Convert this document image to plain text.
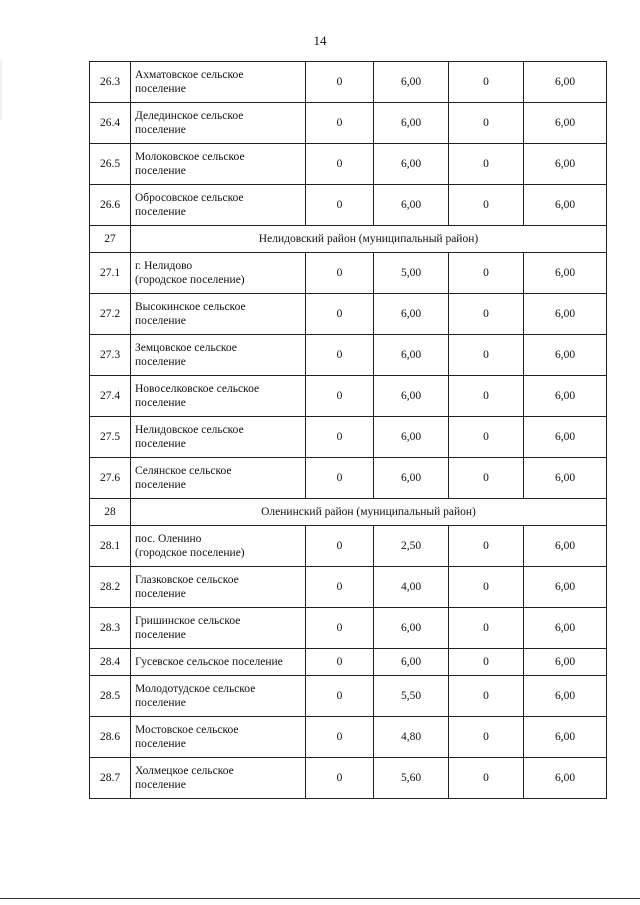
14
26.3	Ахматовское сельское
поселение	0	6,00	0	6,00
26.4	Делединское сельское
поселение	0	6,00	0	6,00
26.5	Молоковское сельское
поселение	0	6,00	0	6,00
26.6	Обросовское сельское
поселение	0	6,00	0	6,00
27	Нелидовский район (муниципальный район)				
27.1	г. Нелидово
(городское поселение)	0	5,00	0	6,00
27.2	Высокинское сельское
поселение	0	6,00	0	6,00
27.3	Земцовское сельское
поселение	0	6,00	0	6,00
27.4	Новоселковское сельское
поселение	0	6,00	0	6,00
27.5	Нелидовское сельское
поселение	0	6,00	0	6,00
27.6	Селянское сельское
поселение	0	6,00	0	6,00
28	Оленинский район (муниципальный район)				
28.1	пос. Оленино
(городское поселение)	0	2,50	0	6,00
28.2	Глазковское сельское
поселение	0	4,00	0	6,00
28.3	Гришинское сельское
поселение	0	6,00	0	6,00
28.4	Гусевское сельское поселение	0	6,00	0	6,00
28.5	Молодотудское сельское
поселение	0	5,50	0	6,00
28.6	Мостовское сельское
поселение	0	4,80	0	6,00
28.7	Холмецкое сельское
поселение	0	5,60	0	6,00
